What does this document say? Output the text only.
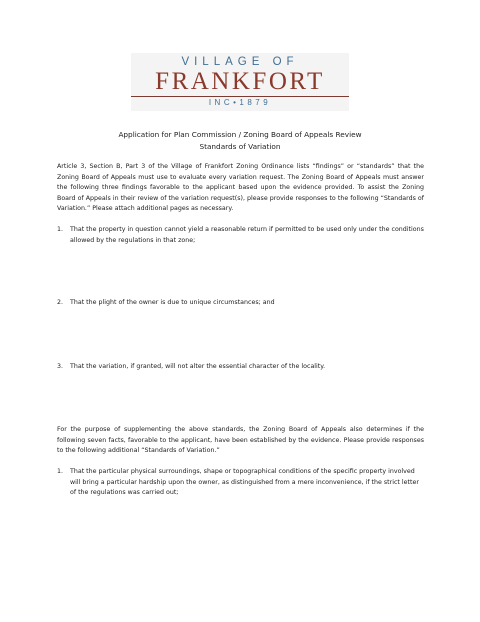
VILLAGE OF
FRANKFORT
INC•1879
Application for Plan Commission / Zoning Board of Appeals Review
Standards of Variation

Article 3, Section B, Part 3 of the Village of Frankfort Zoning Ordinance lists “findings” or “standards” that the Zoning Board of Appeals must use to evaluate every variation request. The Zoning Board of Appeals must answer the following three findings favorable to the applicant based upon the evidence provided. To assist the Zoning Board of Appeals in their review of the variation request(s), please provide responses to the following “Standards of Variation.” Please attach additional pages as necessary.

1. That the property in question cannot yield a reasonable return if permitted to be used only under the conditions allowed by the regulations in that zone;
2. That the plight of the owner is due to unique circumstances; and
3. That the variation, if granted, will not alter the essential character of the locality.

For the purpose of supplementing the above standards, the Zoning Board of Appeals also determines if the following seven facts, favorable to the applicant, have been established by the evidence. Please provide responses to the following additional “Standards of Variation.”

1. That the particular physical surroundings, shape or topographical conditions of the specific property involved will bring a particular hardship upon the owner, as distinguished from a mere inconvenience, if the strict letter of the regulations was carried out;
